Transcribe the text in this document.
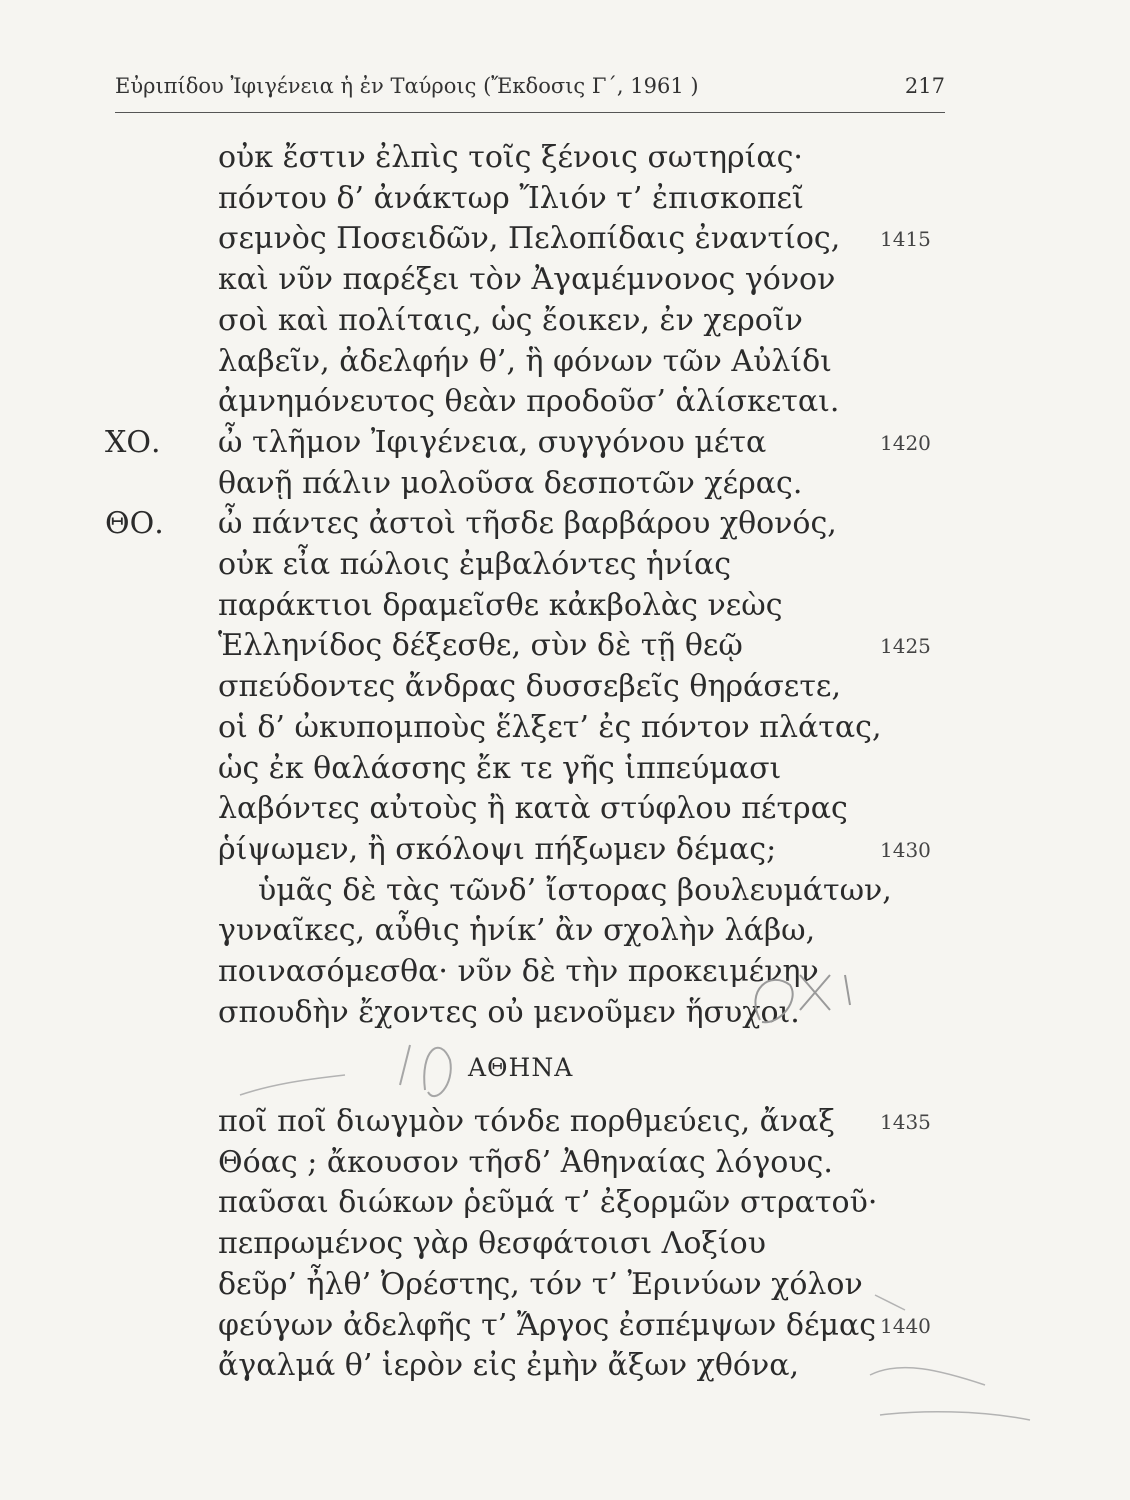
Εὐριπίδου Ἰφιγένεια ἡ ἐν Ταύροις (Ἔκδοσις Γ΄, 1961 )	217
οὐκ ἔστιν ἐλπὶς τοῖς ξένοις σωτηρίας·
πόντου δ’ ἀνάκτωρ Ἴλιόν τ’ ἐπισκοπεῖ
σεμνὸς Ποσειδῶν, Πελοπίδαις ἐναντίος, 1415
καὶ νῦν παρέξει τὸν Ἀγαμέμνονος γόνον
σοὶ καὶ πολίταις, ὡς ἔοικεν, ἐν χεροῖν
λαβεῖν, ἀδελφήν θ’, ἣ φόνων τῶν Αὐλίδι
ἀμνημόνευτος θεὰν προδοῦσ’ ἁλίσκεται.
ΧΟ. ὦ τλῆμον Ἰφιγένεια, συγγόνου μέτα	1420
θανῇ πάλιν μολοῦσα δεσποτῶν χέρας.
ΘΟ. ὦ πάντες ἀστοὶ τῆσδε βαρβάρου χθονός,
οὐκ εἶα πώλοις ἐμβαλόντες ἡνίας
παράκτιοι δραμεῖσθε κἀκβολὰς νεὼς
Ἑλληνίδος δέξεσθε, σὺν δὲ τῇ θεῷ	1425
σπεύδοντες ἄνδρας δυσσεβεῖς θηράσετε,
οἱ δ’ ὠκυπομποὺς ἕλξετ’ ἐς πόντον πλάτας,
ὡς ἐκ θαλάσσης ἔκ τε γῆς ἱππεύμασι
λαβόντες αὐτοὺς ἢ κατὰ στύφλου πέτρας
ῥίψωμεν, ἢ σκόλοψι πήξωμεν δέμας;	1430
ὑμᾶς δὲ τὰς τῶνδ’ ἴστορας βουλευμάτων,
γυναῖκες, αὖθις ἡνίκ’ ἂν σχολὴν λάβω,
ποινασόμεσθα· νῦν δὲ τὴν προκειμένην
σπουδὴν ἔχοντες οὐ μενοῦμεν ἥσυχοι.
ΑΘΗΝΑ
ποῖ ποῖ διωγμὸν τόνδε πορθμεύεις, ἄναξ 1435
Θόας ; ἄκουσον τῆσδ’ Ἀθηναίας λόγους.
παῦσαι διώκων ῥεῦμά τ’ ἐξορμῶν στρατοῦ·
πεπρωμένος γὰρ θεσφάτοισι Λοξίου
δεῦρ’ ἦλθ’ Ὀρέστης, τόν τ’ Ἐρινύων χόλον
φεύγων ἀδελφῆς τ’ Ἄργος ἐσπέμψων δέμας 1440
ἄγαλμά θ’ ἱερὸν εἰς ἐμὴν ἄξων χθόνα,
